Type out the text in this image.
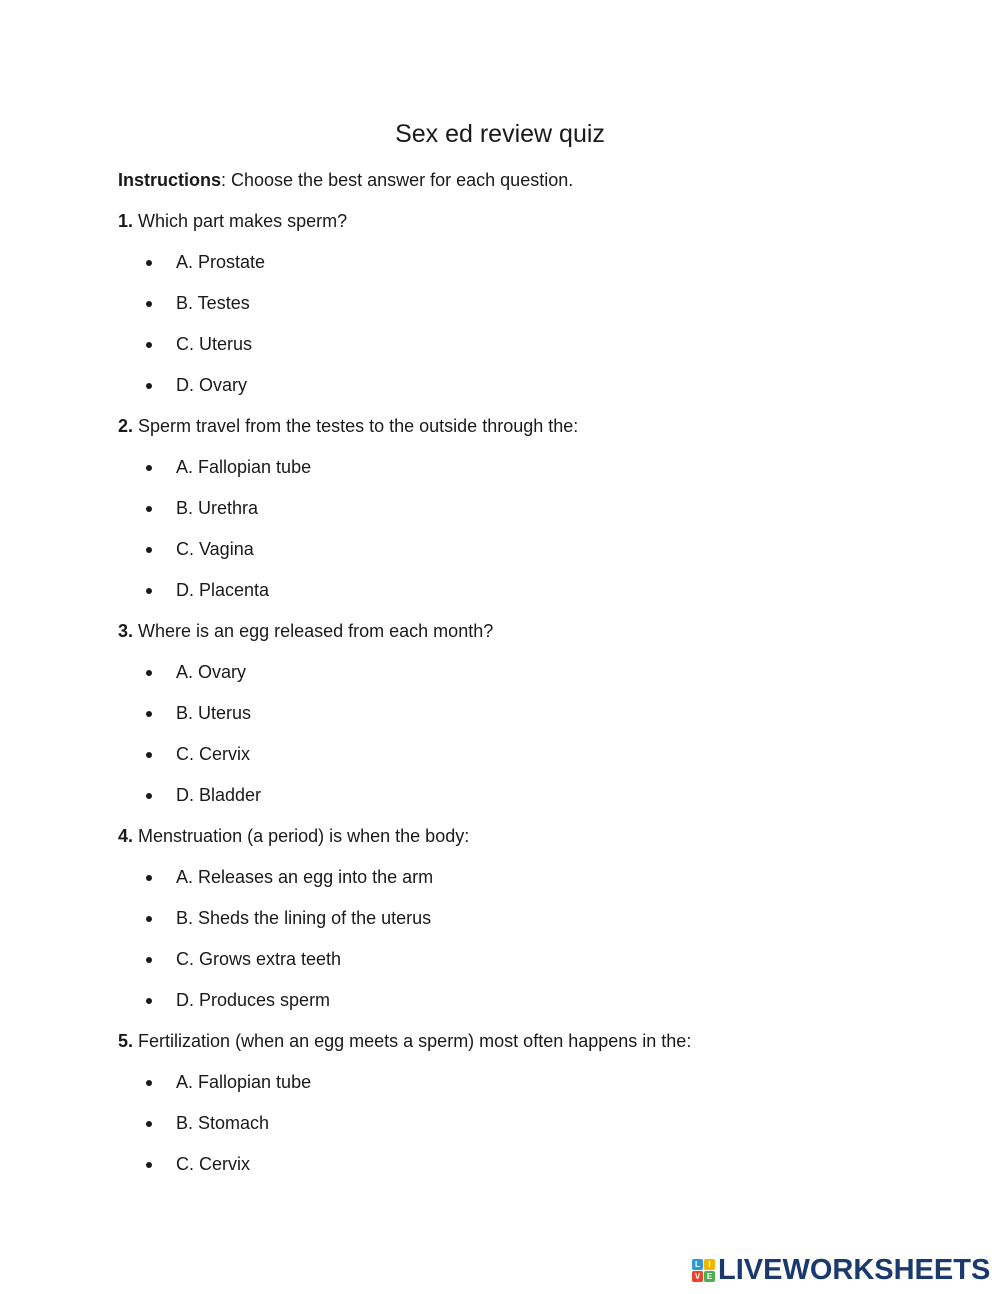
Sex ed review quiz
Instructions: Choose the best answer for each question.
1. Which part makes sperm?
A. Prostate
B. Testes
C. Uterus
D. Ovary
2. Sperm travel from the testes to the outside through the:
A. Fallopian tube
B. Urethra
C. Vagina
D. Placenta
3. Where is an egg released from each month?
A. Ovary
B. Uterus
C. Cervix
D. Bladder
4. Menstruation (a period) is when the body:
A. Releases an egg into the arm
B. Sheds the lining of the uterus
C. Grows extra teeth
D. Produces sperm
5. Fertilization (when an egg meets a sperm) most often happens in the:
A. Fallopian tube
B. Stomach
C. Cervix
L	I
V E LIVEWORKSHEETS
